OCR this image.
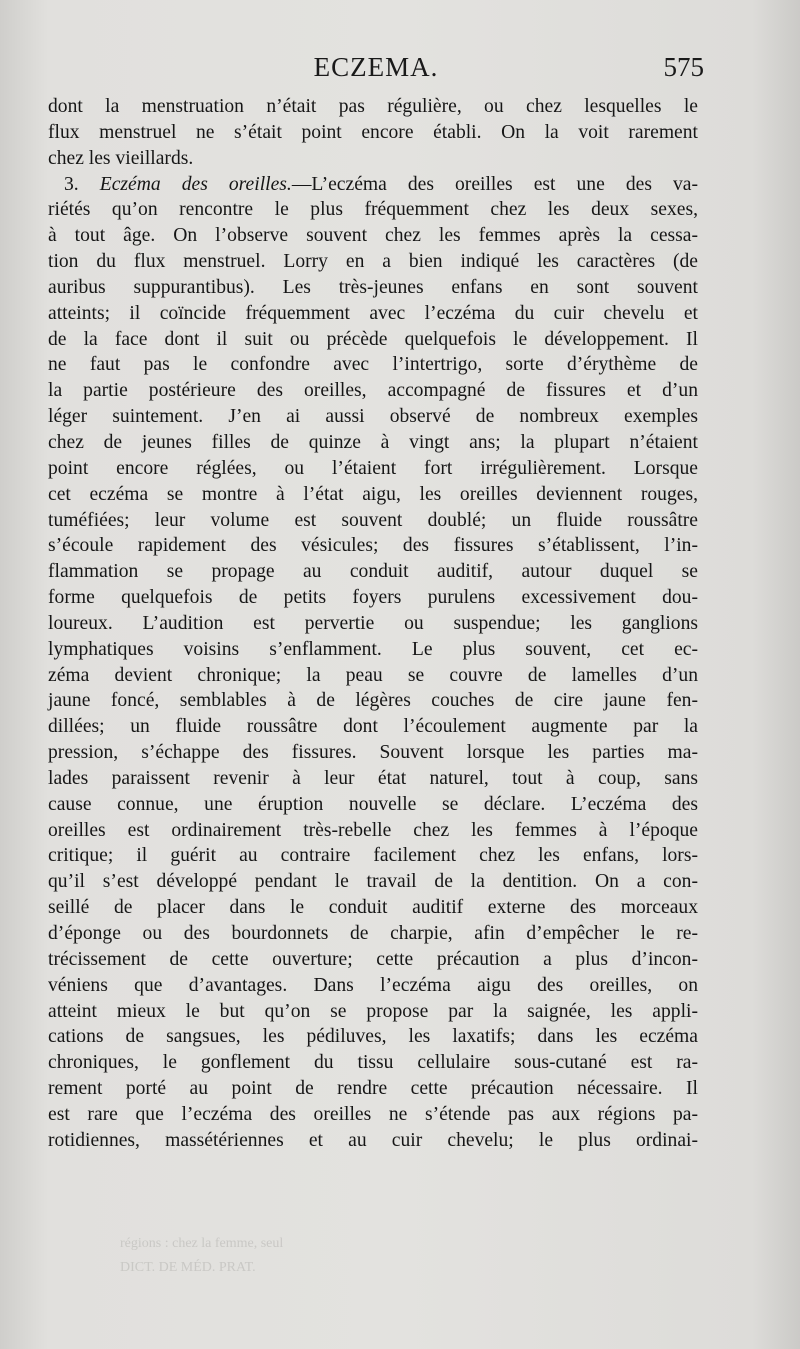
ECZEMA.	575
dont la menstruation n’était pas régulière, ou chez lesquelles le
flux menstruel ne s’était point encore établi. On la voit rarement
chez les vieillards.
3. Eczéma des oreilles.—L’eczéma des oreilles est une des va-
riétés qu’on rencontre le plus fréquemment chez les deux sexes,
à tout âge. On l’observe souvent chez les femmes après la cessa-
tion du flux menstruel. Lorry en a bien indiqué les caractères (de
auribus suppurantibus). Les très-jeunes enfans en sont souvent
atteints; il coïncide fréquemment avec l’eczéma du cuir chevelu et
de la face dont il suit ou précède quelquefois le développement. Il
ne faut pas le confondre avec l’intertrigo, sorte d’érythème de
la partie postérieure des oreilles, accompagné de fissures et d’un
léger suintement. J’en ai aussi observé de nombreux exemples
chez de jeunes filles de quinze à vingt ans; la plupart n’étaient
point encore réglées, ou l’étaient fort irrégulièrement. Lorsque
cet eczéma se montre à l’état aigu, les oreilles deviennent rouges,
tuméfiées; leur volume est souvent doublé; un fluide roussâtre
s’écoule rapidement des vésicules; des fissures s’établissent, l’in-
flammation se propage au conduit auditif, autour duquel se
forme quelquefois de petits foyers purulens excessivement dou-
loureux. L’audition est pervertie ou suspendue; les ganglions
lymphatiques voisins s’enflamment. Le plus souvent, cet ec-
zéma devient chronique; la peau se couvre de lamelles d’un
jaune foncé, semblables à de légères couches de cire jaune fen-
dillées; un fluide roussâtre dont l’écoulement augmente par la
pression, s’échappe des fissures. Souvent lorsque les parties ma-
lades paraissent revenir à leur état naturel, tout à coup, sans
cause connue, une éruption nouvelle se déclare. L’eczéma des
oreilles est ordinairement très-rebelle chez les femmes à l’époque
critique; il guérit au contraire facilement chez les enfans, lors-
qu’il s’est développé pendant le travail de la dentition. On a con-
seillé de placer dans le conduit auditif externe des morceaux
d’éponge ou des bourdonnets de charpie, afin d’empêcher le re-
trécissement de cette ouverture; cette précaution a plus d’incon-
véniens que d’avantages. Dans l’eczéma aigu des oreilles, on
atteint mieux le but qu’on se propose par la saignée, les appli-
cations de sangsues, les pédiluves, les laxatifs; dans les eczéma
chroniques, le gonflement du tissu cellulaire sous-cutané est ra-
rement porté au point de rendre cette précaution nécessaire. Il
est rare que l’eczéma des oreilles ne s’étende pas aux régions pa-
rotidiennes, massétériennes et au cuir chevelu; le plus ordinai-
régions : chez la femme, seul
DICT. DE MÉD. PRAT.
